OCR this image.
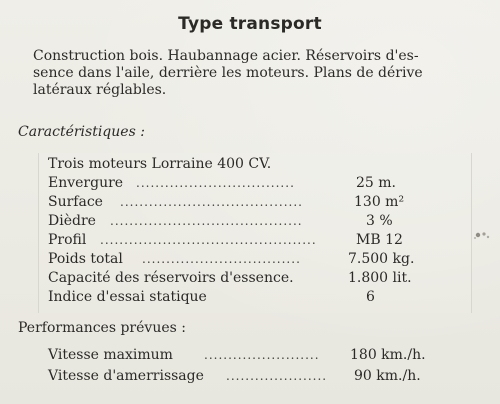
Type transport
Construction bois. Haubannage acier. Réservoirs d'es-
sence dans l'aile, derrière les moteurs. Plans de dérive
latéraux réglables.
Caractéristiques :
Trois moteurs Lorraine 400 CV.
Envergure .................................	25 m.
Surface ......................................	130 m²
Dièdre ........................................	3 %
Profil .............................................	MB 12
Poids total .................................	7.500 kg.
Capacité des réservoirs d'essence.	1.800 lit.
Indice d'essai statique	6
Performances prévues :
Vitesse maximum	........................ 180 km./h.
Vitesse d'amerrissage ..................... 90 km./h.
